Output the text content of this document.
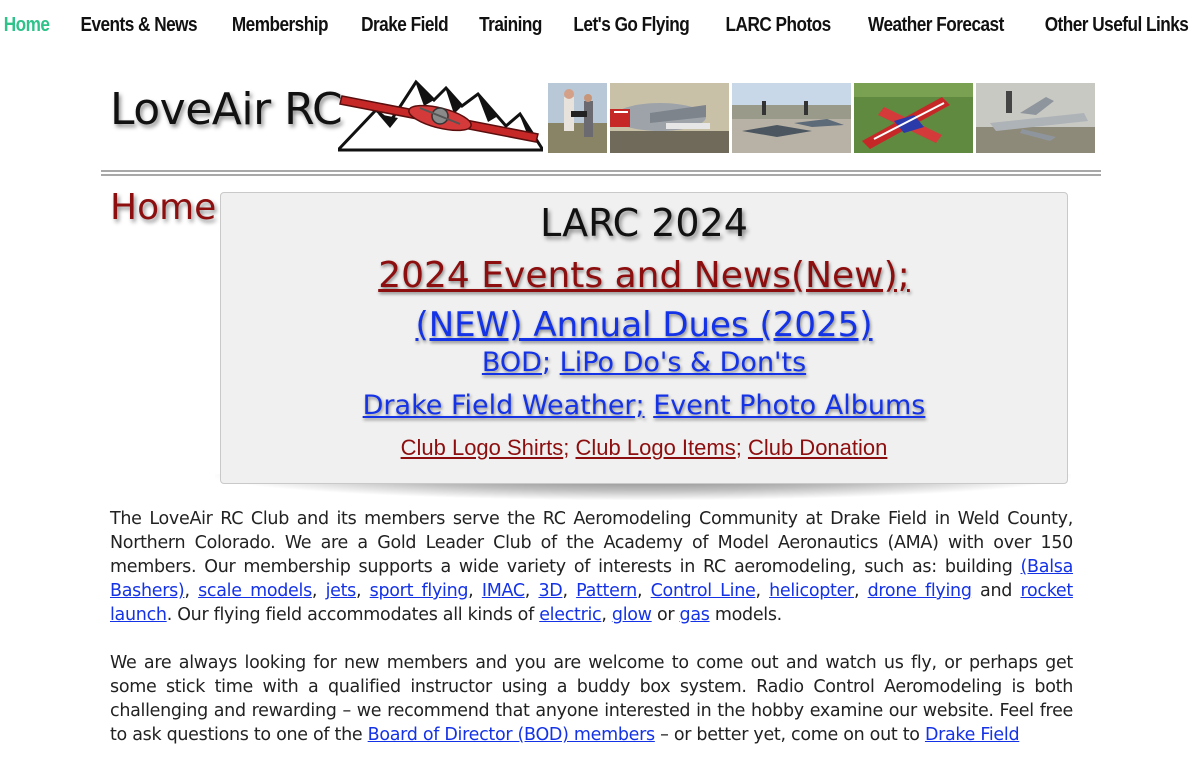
Home	Events & News	Membership	Drake Field	Training	Let's Go Flying	LARC Photos	Weather Forecast	Other Useful Links
LoveAir RC
Home	LARC 2024
2024 Events and News(New);
(NEW) Annual Dues (2025)
BOD; LiPo Do's & Don'ts
Drake Field Weather; Event Photo Albums
Club Logo Shirts; Club Logo Items; Club Donation

The LoveAir RC Club and its members serve the RC Aeromodeling Community at Drake Field in Weld County, Northern Colorado. We are a Gold Leader Club of the Academy of Model Aeronautics (AMA) with over 150 members. Our membership supports a wide variety of interests in RC aeromodeling, such as: building (Balsa Bashers), scale models, jets, sport flying, IMAC, 3D, Pattern, Control Line, helicopter, drone flying and rocket launch. Our flying field accommodates all kinds of electric, glow or gas models.

We are always looking for new members and you are welcome to come out and watch us fly, or perhaps get some stick time with a qualified instructor using a buddy box system. Radio Control Aeromodeling is both challenging and rewarding – we recommend that anyone interested in the hobby examine our website. Feel free to ask questions to one of the Board of Director (BOD) members – or better yet, come on out to Drake Field
